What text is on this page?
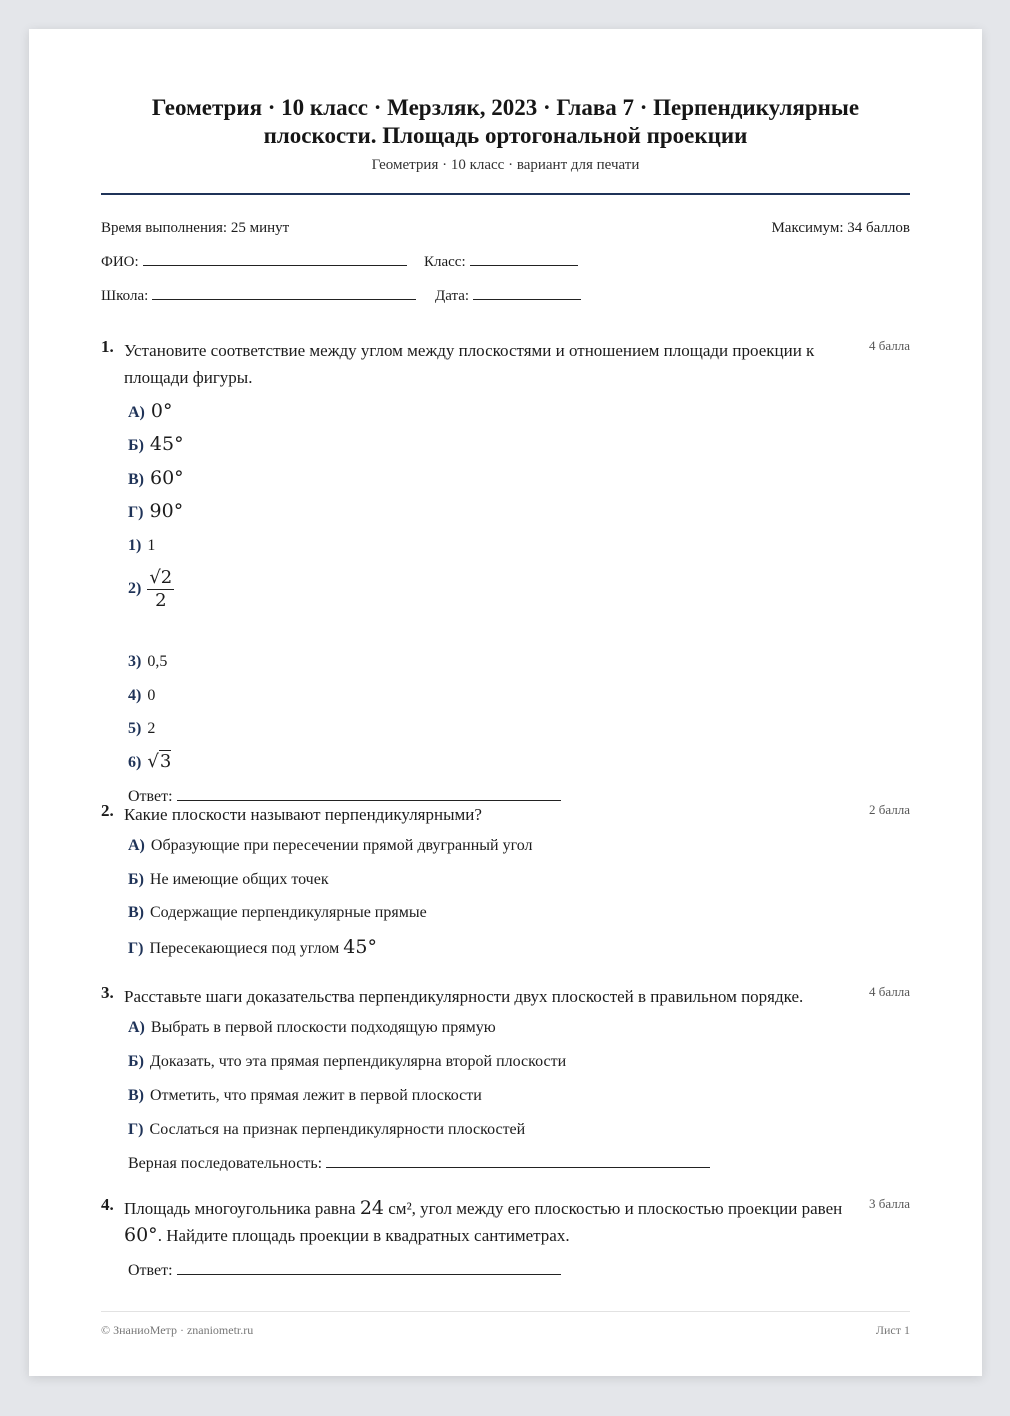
Геометрия · 10 класс · Мерзляк, 2023 · Глава 7 · Перпендикулярные плоскости. Площадь ортогональной проекции
Геометрия · 10 класс · вариант для печати
Время выполнения: 25 минут	Максимум: 34 баллов
ФИО:	Класс:
Школа:	Дата:
1. Установите соответствие между углом между плоскостями и отношением площади проекции к площади фигуры.
4 балла
А) 0°
Б) 45°
В) 60°
Г) 90°
1) 1
$2) \frac{√2}{2}$
3) 0,5
4) 0
5) 2
6) √3
Ответ:
2. Какие плоскости называют перпендикулярными?	2 балла
А) Образующие при пересечении прямой двугранный угол
Б) Не имеющие общих точек
В) Содержащие перпендикулярные прямые
Г) Пересекающиеся под углом 45°
3. Расставьте шаги доказательства перпендикулярности двух плоскостей в правильном порядке.	4 балла
А) Выбрать в первой плоскости подходящую прямую
Б) Доказать, что эта прямая перпендикулярна второй плоскости
В) Отметить, что прямая лежит в первой плоскости
Г) Сослаться на признак перпендикулярности плоскостей
Верная последовательность:
4. Площадь многоугольника равна 24 см², угол между его плоскостью и плоскостью проекции равен 60°. Найдите площадь проекции в квадратных сантиметрах.
3 балла
Ответ:
© ЗнаниоМетр · znaniometr.ru	Лист 1
